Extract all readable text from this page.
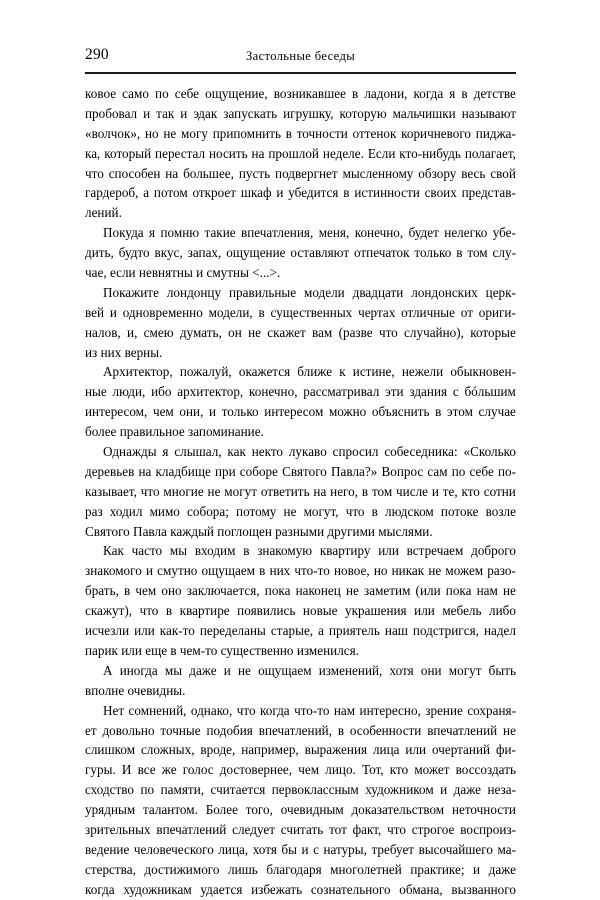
290	Застольные беседы

ковое само по себе ощущение, возникавшее в ладони, когда я в детстве
пробовал и так и эдак запускать игрушку, которую мальчишки называют
«волчок», но не могу припомнить в точности оттенок коричневого пиджа-
ка, который перестал носить на прошлой неделе. Если кто-нибудь полагает,
что способен на большее, пусть подвергнет мысленному обзору весь свой
гардероб, а потом откроет шкаф и убедится в истинности своих представ-
лений.

Покуда я помню такие впечатления, меня, конечно, будет нелегко убе-
дить, будто вкус, запах, ощущение оставляют отпечаток только в том слу-
чае, если невнятны и смутны <...>.

Покажите лондонцу правильные модели двадцати лондонских церк-
вей и одновременно модели, в существенных чертах отличные от ориги-
налов, и, смею думать, он не скажет вам (разве что случайно), которые
из них верны.

Архитектор, пожалуй, окажется ближе к истине, нежели обыкновен-
ные люди, ибо архитектор, конечно, рассматривал эти здания с бóльшим
интересом, чем они, и только интересом можно объяснить в этом случае
более правильное запоминание.

Однажды я слышал, как некто лукаво спросил собеседника: «Сколько
деревьев на кладбище при соборе Святого Павла?» Вопрос сам по себе по-
казывает, что многие не могут ответить на него, в том числе и те, кто сотни
раз ходил мимо собора; потому не могут, что в людском потоке возле
Святого Павла каждый поглощен разными другими мыслями.

Как часто мы входим в знакомую квартиру или встречаем доброго
знакомого и смутно ощущаем в них что-то новое, но никак не можем разо-
брать, в чем оно заключается, пока наконец не заметим (или пока нам не
скажут), что в квартире появились новые украшения или мебель либо
исчезли или как-то переделаны старые, а приятель наш подстригся, надел
парик или еще в чем-то существенно изменился.

А иногда мы даже и не ощущаем изменений, хотя они могут быть
вполне очевидны.

Нет сомнений, однако, что когда что-то нам интересно, зрение сохраня-
ет довольно точные подобия впечатлений, в особенности впечатлений не
слишком сложных, вроде, например, выражения лица или очертаний фи-
гуры. И все же голос достовернее, чем лицо. Тот, кто может воссоздать
сходство по памяти, считается первоклассным художником и даже неза-
урядным талантом. Более того, очевидным доказательством неточности
зрительных впечатлений следует считать тот факт, что строгое воспроиз-
ведение человеческого лица, хотя бы и с натуры, требует высочайшего ма-
стерства, достижимого лишь благодаря многолетней практике; и даже
когда художникам удается избежать сознательного обмана, вызванного
